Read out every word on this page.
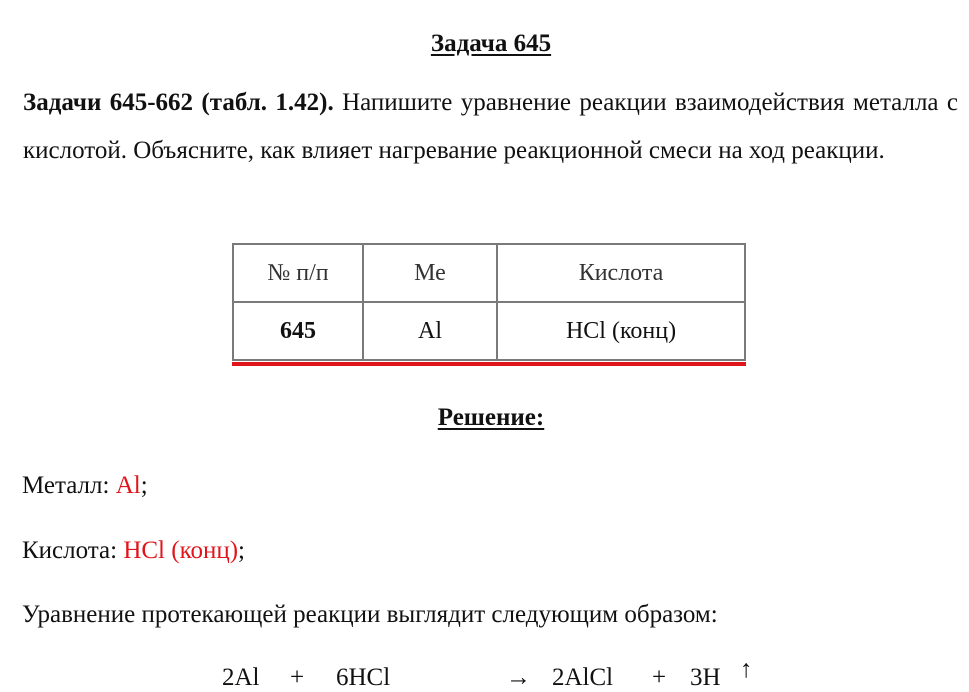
Задача 645

Задачи 645-662 (табл. 1.42). Напишите уравнение реакции взаимодействия металла с кислотой. Объясните, как влияет нагревание реакционной смеси на ход реакции.

№ п/п	Ме	Кислота
645	Al	HCl (конц)
Решение:
Металл: Al;
Кислота: HCl (конц);
Уравнение протекающей реакции выглядит следующим образом:
2Al + 6HCl	→ 2AlCl + 3H ↑
